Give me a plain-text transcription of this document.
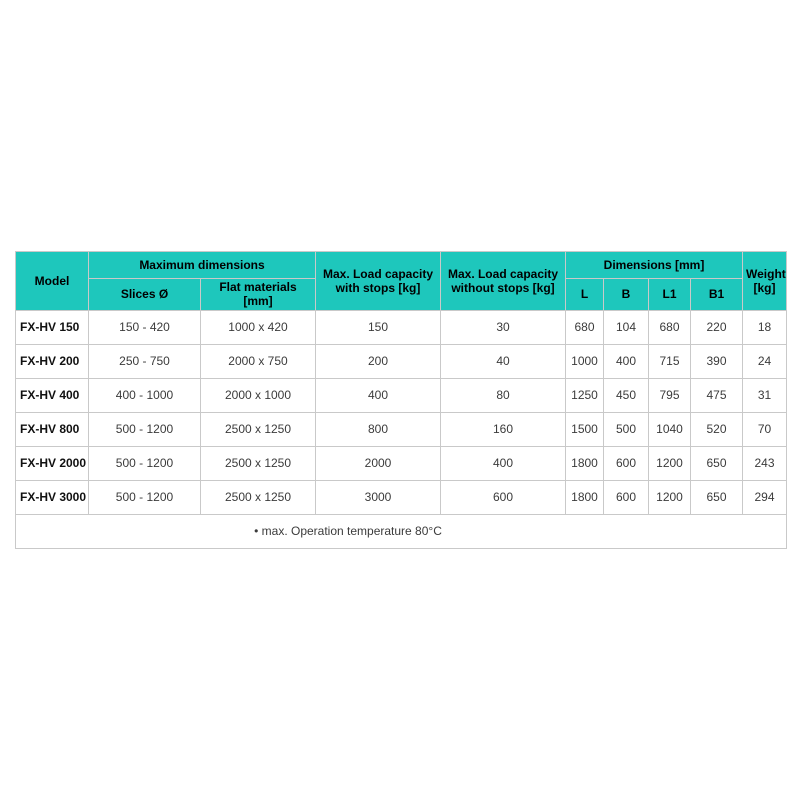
Model	Maximum dimensions		Max. Load capacity with stops [kg]	Max. Load capacity without stops [kg]	Dimensions [mm]				Weight [kg]
	Slices Ø	Flat materials [mm]			L	B	L1	B1	
FX-HV 150	150 - 420	1000 x 420	150	30	680	104	680	220	18
FX-HV 200	250 - 750	2000 x 750	200	40	1000	400	715	390	24
FX-HV 400	400 - 1000	2000 x 1000	400	80	1250	450	795	475	31
FX-HV 800	500 - 1200	2500 x 1250	800	160	1500	500	1040	520	70
FX-HV 2000	500 - 1200	2500 x 1250	2000	400	1800	600	1200	650	243
FX-HV 3000	500 - 1200	2500 x 1250	3000	600	1800	600	1200	650	294
• max. Operation temperature 80°C									
